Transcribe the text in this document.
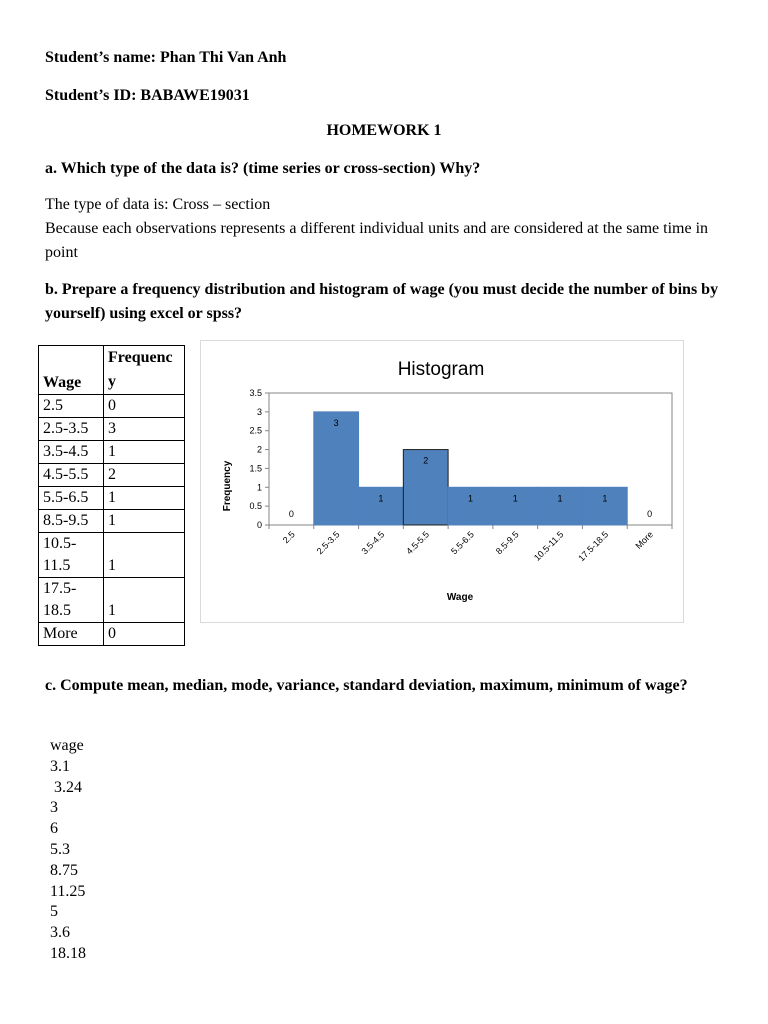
Student’s name: Phan Thi Van Anh
Student’s ID: BABAWE19031
HOMEWORK 1
a. Which type of the data is? (time series or cross-section) Why?
The type of data is: Cross – section
Because each observations represents a different individual units and are considered at the same time in point
b. Prepare a frequency distribution and histogram of wage (you must decide the number of bins by yourself) using excel or spss?
Wage	Frequency
2.5	0
2.5-3.5	3
3.5-4.5	1
4.5-5.5	2
5.5-6.5	1
8.5-9.5	1
10.5-11.5	1
17.5-18.5	1
More	0
Histogram
Frequency
Wage
0
0.5
1
1.5
2
2.5
3
3.5
0
3
1
2
1	1	1	1
0
2.5 2.5-3.5 3.5-4.5 4.5-5.5 5.5-6.5 8.5-9.5 10.5-11.5 17.5-18.5	More
c. Compute mean, median, mode, variance, standard deviation, maximum, minimum of wage?
wage
3.1
3.24
3
6
5.3
8.75
11.25
5
3.6
18.18
